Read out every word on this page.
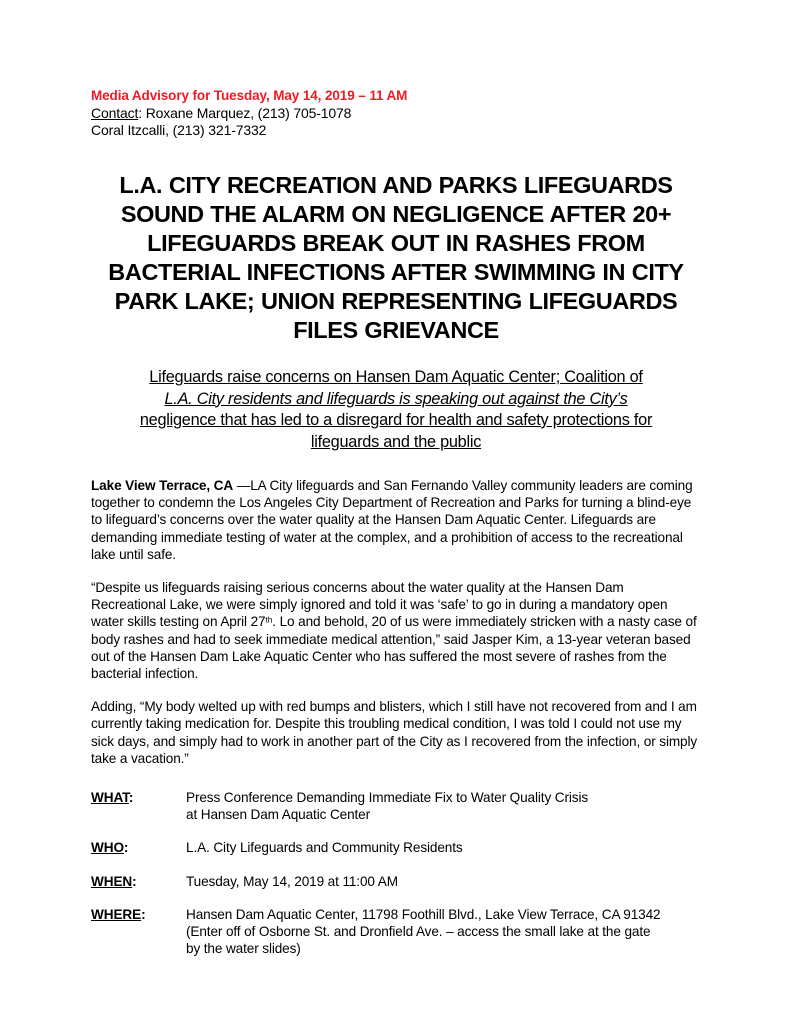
Media Advisory for Tuesday, May 14, 2019 – 11 AM

Contact: Roxane Marquez, (213) 705-1078

Coral Itzcalli, (213) 321-7332

L.A. CITY RECREATION AND PARKS LIFEGUARDS
SOUND THE ALARM ON NEGLIGENCE AFTER 20+
LIFEGUARDS BREAK OUT IN RASHES FROM
BACTERIAL INFECTIONS AFTER SWIMMING IN CITY
PARK LAKE; UNION REPRESENTING LIFEGUARDS
FILES GRIEVANCE
Lifeguards raise concerns on Hansen Dam Aquatic Center; Coalition of
L.A. City residents and lifeguards is speaking out against the City’s
negligence that has led to a disregard for health and safety protections for
lifeguards and the public

Lake View Terrace, CA —LA City lifeguards and San Fernando Valley community leaders are coming together to condemn the Los Angeles City Department of Recreation and Parks for turning a blind-eye to lifeguard’s concerns over the water quality at the Hansen Dam Aquatic Center. Lifeguards are demanding immediate testing of water at the complex, and a prohibition of access to the recreational lake until safe.

“Despite us lifeguards raising serious concerns about the water quality at the Hansen Dam Recreational Lake, we were simply ignored and told it was ‘safe’ to go in during a mandatory open water skills testing on April 27th. Lo and behold, 20 of us were immediately stricken with a nasty case of body rashes and had to seek immediate medical attention,” said Jasper Kim, a 13-year veteran based out of the Hansen Dam Lake Aquatic Center who has suffered the most severe of rashes from the bacterial infection.

Adding, “My body welted up with red bumps and blisters, which I still have not recovered from and I am currently taking medication for. Despite this troubling medical condition, I was told I could not use my sick days, and simply had to work in another part of the City as I recovered from the infection, or simply take a vacation.”

WHAT:	Press Conference Demanding Immediate Fix to Water Quality Crisis
at Hansen Dam Aquatic Center
WHO:	L.A. City Lifeguards and Community Residents
WHEN:	Tuesday, May 14, 2019 at 11:00 AM
WHERE:	Hansen Dam Aquatic Center, 11798 Foothill Blvd., Lake View Terrace, CA 91342
(Enter off of Osborne St. and Dronfield Ave. – access the small lake at the gate
by the water slides)
